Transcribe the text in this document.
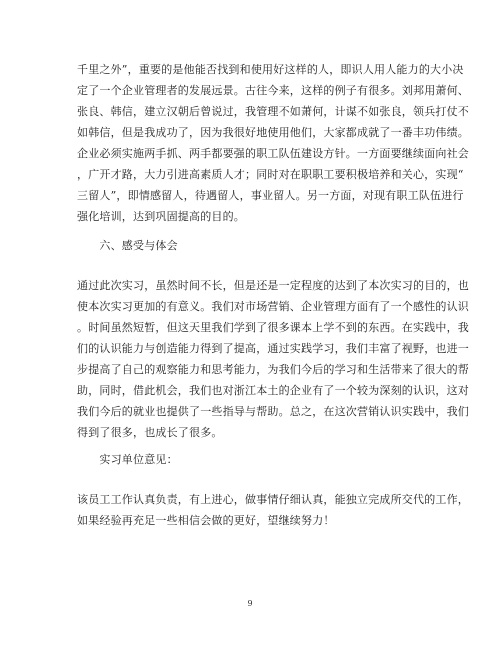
千里之外”，重要的是他能否找到和使用好这样的人，即识人用人能力的大小决
定了一个企业管理者的发展远景。古往今来，这样的例子有很多。刘邦用萧何、
张良、韩信，建立汉朝后曾说过，我管理不如萧何，计谋不如张良，领兵打仗不
如韩信，但是我成功了，因为我很好地使用他们，大家都成就了一番丰功伟绩。
企业必须实施两手抓、两手都要强的职工队伍建设方针。一方面要继续面向社会
，广开才路，大力引进高素质人才；同时对在职职工要积极培养和关心，实现“
三留人”，即情感留人，待遇留人，事业留人。另一方面，对现有职工队伍进行
强化培训，达到巩固提高的目的。
　　六、感受与体会
通过此次实习，虽然时间不长，但是还是一定程度的达到了本次实习的目的，也
使本次实习更加的有意义。我们对市场营销、企业管理方面有了一个感性的认识
。时间虽然短暂，但这天里我们学到了很多课本上学不到的东西。在实践中，我
们的认识能力与创造能力得到了提高，通过实践学习，我们丰富了视野，也进一
步提高了自己的观察能力和思考能力，为我们今后的学习和生活带来了很大的帮
助，同时，借此机会，我们也对浙江本土的企业有了一个较为深刻的认识，这对
我们今后的就业也提供了一些指导与帮助。总之，在这次营销认识实践中，我们
得到了很多，也成长了很多。
　　实习单位意见：
该员工工作认真负责，有上进心，做事情仔细认真，能独立完成所交代的工作，
如果经验再充足一些相信会做的更好，望继续努力！
9
